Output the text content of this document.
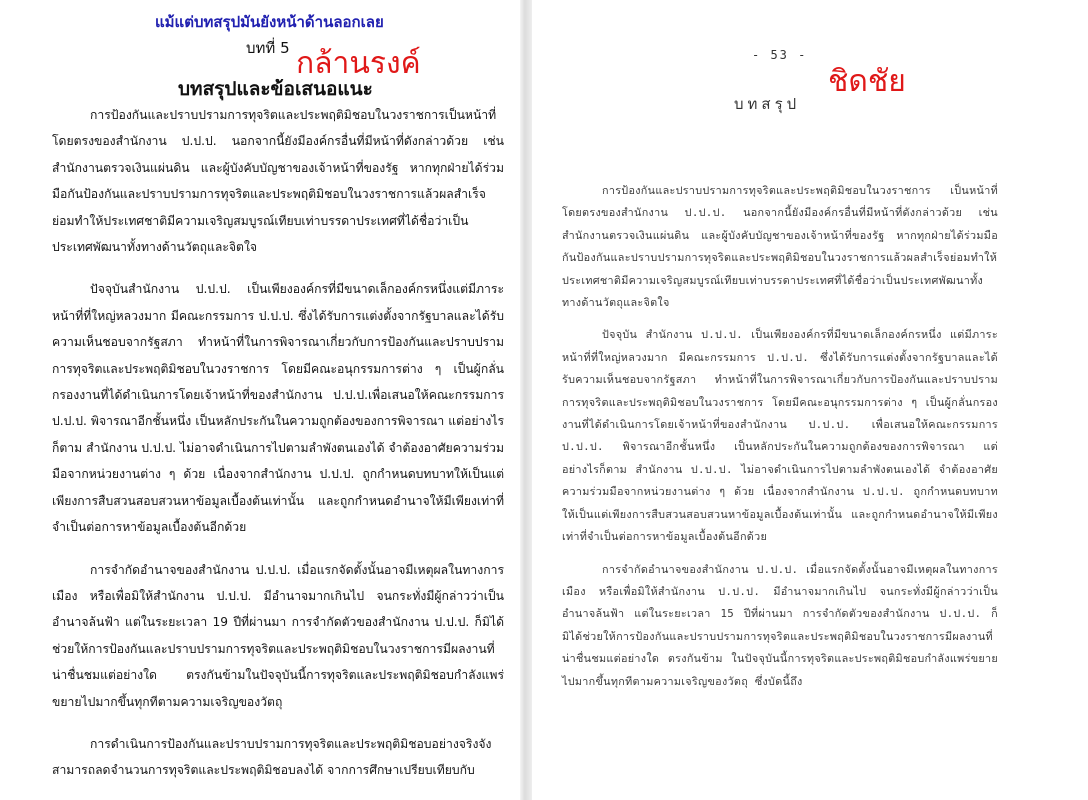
การป้องกันและปราบปรามการทุจริตและประพฤติมิชอบในวงราชการเป็นหน้าที่โดยตรงของสำนักงาน ป.ป.ป. นอกจากนี้ยังมีองค์กรอื่นที่มีหน้าที่ดังกล่าวด้วย เช่น สำนักงานตรวจเงินแผ่นดิน และผู้บังคับบัญชาของเจ้าหน้าที่ของรัฐ หากทุกฝ่ายได้ร่วมมือกันป้องกันและปราบปรามการทุจริตและประพฤติมิชอบในวงราชการแล้วผลสำเร็จย่อมทำให้ประเทศชาติมีความเจริญสมบูรณ์เทียบเท่าบรรดาประเทศที่ได้ชื่อว่าเป็นประเทศพัฒนาทั้งทางด้านวัตถุและจิตใจ

ปัจจุบันสำนักงาน ป.ป.ป. เป็นเพียงองค์กรที่มีขนาดเล็กองค์กรหนึ่งแต่มีภาระหน้าที่ที่ใหญ่หลวงมาก มีคณะกรรมการ ป.ป.ป. ซึ่งได้รับการแต่งตั้งจากรัฐบาลและได้รับความเห็นชอบจากรัฐสภา ทำหน้าที่ในการพิจารณาเกี่ยวกับการป้องกันและปราบปรามการทุจริตและประพฤติมิชอบในวงราชการ โดยมีคณะอนุกรรมการต่าง ๆ เป็นผู้กลั่นกรองงานที่ได้ดำเนินการโดยเจ้าหน้าที่ของสำนักงาน ป.ป.ป.เพื่อเสนอให้คณะกรรมการ ป.ป.ป. พิจารณาอีกชั้นหนึ่ง เป็นหลักประกันในความถูกต้องของการพิจารณา แต่อย่างไรก็ตาม สำนักงาน ป.ป.ป. ไม่อาจดำเนินการไปตามลำพังตนเองได้ จำต้องอาศัยความร่วมมือจากหน่วยงานต่าง ๆ ด้วย เนื่องจากสำนักงาน ป.ป.ป. ถูกกำหนดบทบาทให้เป็นแต่เพียงการสืบสวนสอบสวนหาข้อมูลเบื้องต้นเท่านั้น และถูกกำหนดอำนาจให้มีเพียงเท่าที่จำเป็นต่อการหาข้อมูลเบื้องต้นอีกด้วย

การจำกัดอำนาจของสำนักงาน ป.ป.ป. เมื่อแรกจัดตั้งนั้นอาจมีเหตุผลในทางการเมือง หรือเพื่อมิให้สำนักงาน ป.ป.ป. มีอำนาจมากเกินไป จนกระทั่งมีผู้กล่าวว่าเป็นอำนาจล้นฟ้า แต่ในระยะเวลา 19 ปีที่ผ่านมา การจำกัดตัวของสำนักงาน ป.ป.ป. ก็มิได้ช่วยให้การป้องกันและปราบปรามการทุจริตและประพฤติมิชอบในวงราชการมีผลงานที่น่าชื่นชมแต่อย่างใด ตรงกันข้ามในปัจจุบันนี้การทุจริตและประพฤติมิชอบกำลังแพร่ขยายไปมากขึ้นทุกทีตามความเจริญของวัตถุ

การดำเนินการป้องกันและปราบปรามการทุจริตและประพฤติมิชอบอย่างจริงจังสามารถลดจำนวนการทุจริตและประพฤติมิชอบลงได้ จากการศึกษาเปรียบเทียบกับ

การป้องกันและปราบปรามการทุจริตและประพฤติมิชอบในวงราชการ เป็นหน้าที่โดยตรงของสำนักงาน ป.ป.ป. นอกจากนี้ยังมีองค์กรอื่นที่มีหน้าที่ดังกล่าวด้วย เช่น สำนักงานตรวจเงินแผ่นดิน และผู้บังคับบัญชาของเจ้าหน้าที่ของรัฐ หากทุกฝ่ายได้ร่วมมือกันป้องกันและปราบปรามการทุจริตและประพฤติมิชอบในวงราชการแล้วผลสำเร็จย่อมทำให้ประเทศชาติมีความเจริญสมบูรณ์เทียบเท่าบรรดาประเทศที่ได้ชื่อว่าเป็นประเทศพัฒนาทั้งทางด้านวัตถุและจิตใจ

ปัจจุบัน สำนักงาน ป.ป.ป. เป็นเพียงองค์กรที่มีขนาดเล็กองค์กรหนึ่ง แต่มีภาระหน้าที่ที่ใหญ่หลวงมาก มีคณะกรรมการ ป.ป.ป. ซึ่งได้รับการแต่งตั้งจากรัฐบาลและได้รับความเห็นชอบจากรัฐสภา ทำหน้าที่ในการพิจารณาเกี่ยวกับการป้องกันและปราบปรามการทุจริตและประพฤติมิชอบในวงราชการ โดยมีคณะอนุกรรมการต่าง ๆ เป็นผู้กลั่นกรองงานที่ได้ดำเนินการโดยเจ้าหน้าที่ของสำนักงาน ป.ป.ป. เพื่อเสนอให้คณะกรรมการ ป.ป.ป. พิจารณาอีกชั้นหนึ่ง เป็นหลักประกันในความถูกต้องของการพิจารณา แต่อย่างไรก็ตาม สำนักงาน ป.ป.ป. ไม่อาจดำเนินการไปตามลำพังตนเองได้ จำต้องอาศัยความร่วมมือจากหน่วยงานต่าง ๆ ด้วย เนื่องจากสำนักงาน ป.ป.ป. ถูกกำหนดบทบาทให้เป็นแต่เพียงการสืบสวนสอบสวนหาข้อมูลเบื้องต้นเท่านั้น และถูกกำหนดอำนาจให้มีเพียงเท่าที่จำเป็นต่อการหาข้อมูลเบื้องต้นอีกด้วย

การจำกัดอำนาจของสำนักงาน ป.ป.ป. เมื่อแรกจัดตั้งนั้นอาจมีเหตุผลในทางการเมือง หรือเพื่อมิให้สำนักงาน ป.ป.ป. มีอำนาจมากเกินไป จนกระทั่งมีผู้กล่าวว่าเป็นอำนาจล้นฟ้า แต่ในระยะเวลา 15 ปีที่ผ่านมา การจำกัดตัวของสำนักงาน ป.ป.ป. ก็มิได้ช่วยให้การป้องกันและปราบปรามการทุจริตและประพฤติมิชอบในวงราชการมีผลงานที่น่าชื่นชมแต่อย่างใด ตรงกันข้าม ในปัจจุบันนี้การทุจริตและประพฤติมิชอบกำลังแพร่ขยายไปมากขึ้นทุกทีตามความเจริญของวัตถุ ซึ่งบัดนี้ถึง

แม้แต่บทสรุปมันยังหน้าด้านลอกเลย
บทที่ 5 กล้านรงค์
บทสรุปและข้อเสนอแนะ
- 53 -
ชิดชัย
บทสรุป
